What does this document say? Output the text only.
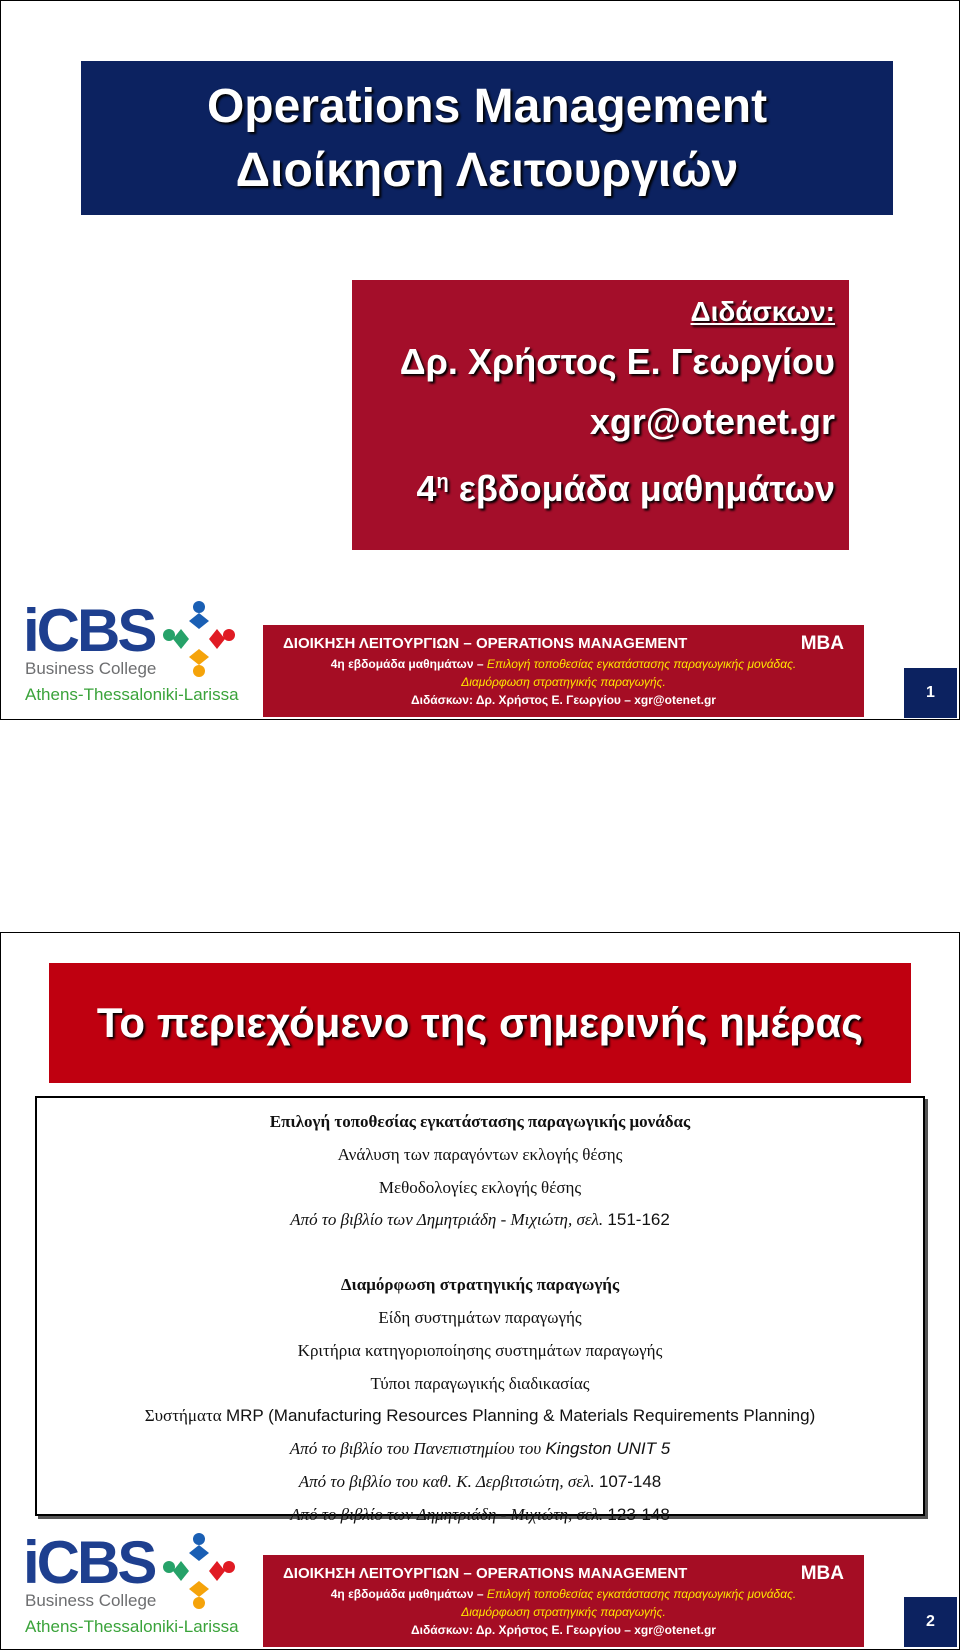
Operations Management
Διοίκηση Λειτουργιών
Διδάσκων:
Δρ. Χρήστος Ε. Γεωργίου
xgr@otenet.gr
$4^\eta$ εβδομάδα μαθημάτων
iCBS
Business College
Athens-Thessaloniki-Larissa
ΔΙΟΙΚΗΣΗ ΛΕΙΤΟΥΡΓΙΩΝ – OPERATIONS MANAGEMENT	MBA
4η εβδομάδα μαθημάτων – Επιλογή τοποθεσίας εγκατάστασης παραγωγικής μονάδας.
Διαμόρφωση στρατηγικής παραγωγής.
Διδάσκων: Δρ. Χρήστος Ε. Γεωργίου – xgr@otenet.gr	1
Το περιεχόμενο της σημερινής ημέρας
Επιλογή τοποθεσίας εγκατάστασης παραγωγικής μονάδας
Ανάλυση των παραγόντων εκλογής θέσης
Μεθοδολογίες εκλογής θέσης
Από το βιβλίο των Δημητριάδη - Μιχιώτη, σελ. 151-162
Διαμόρφωση στρατηγικής παραγωγής
Είδη συστημάτων παραγωγής
Κριτήρια κατηγοριοποίησης συστημάτων παραγωγής
Τύποι παραγωγικής διαδικασίας
Συστήματα MRP (Manufacturing Resources Planning & Materials Requirements Planning)
Από το βιβλίο του Πανεπιστημίου του Kingston UNIT 5
Από το βιβλίο του καθ. Κ. Δερβιτσιώτη, σελ. 107-148
Από το βιβλίο των Δημητριάδη - Μιχιώτη, σελ. 123-148
iCBS
Business College
Athens-Thessaloniki-Larissa
ΔΙΟΙΚΗΣΗ ΛΕΙΤΟΥΡΓΙΩΝ – OPERATIONS MANAGEMENT	MBA
4η εβδομάδα μαθημάτων – Επιλογή τοποθεσίας εγκατάστασης παραγωγικής μονάδας.
Διαμόρφωση στρατηγικής παραγωγής.
Διδάσκων: Δρ. Χρήστος Ε. Γεωργίου – xgr@otenet.gr	2
